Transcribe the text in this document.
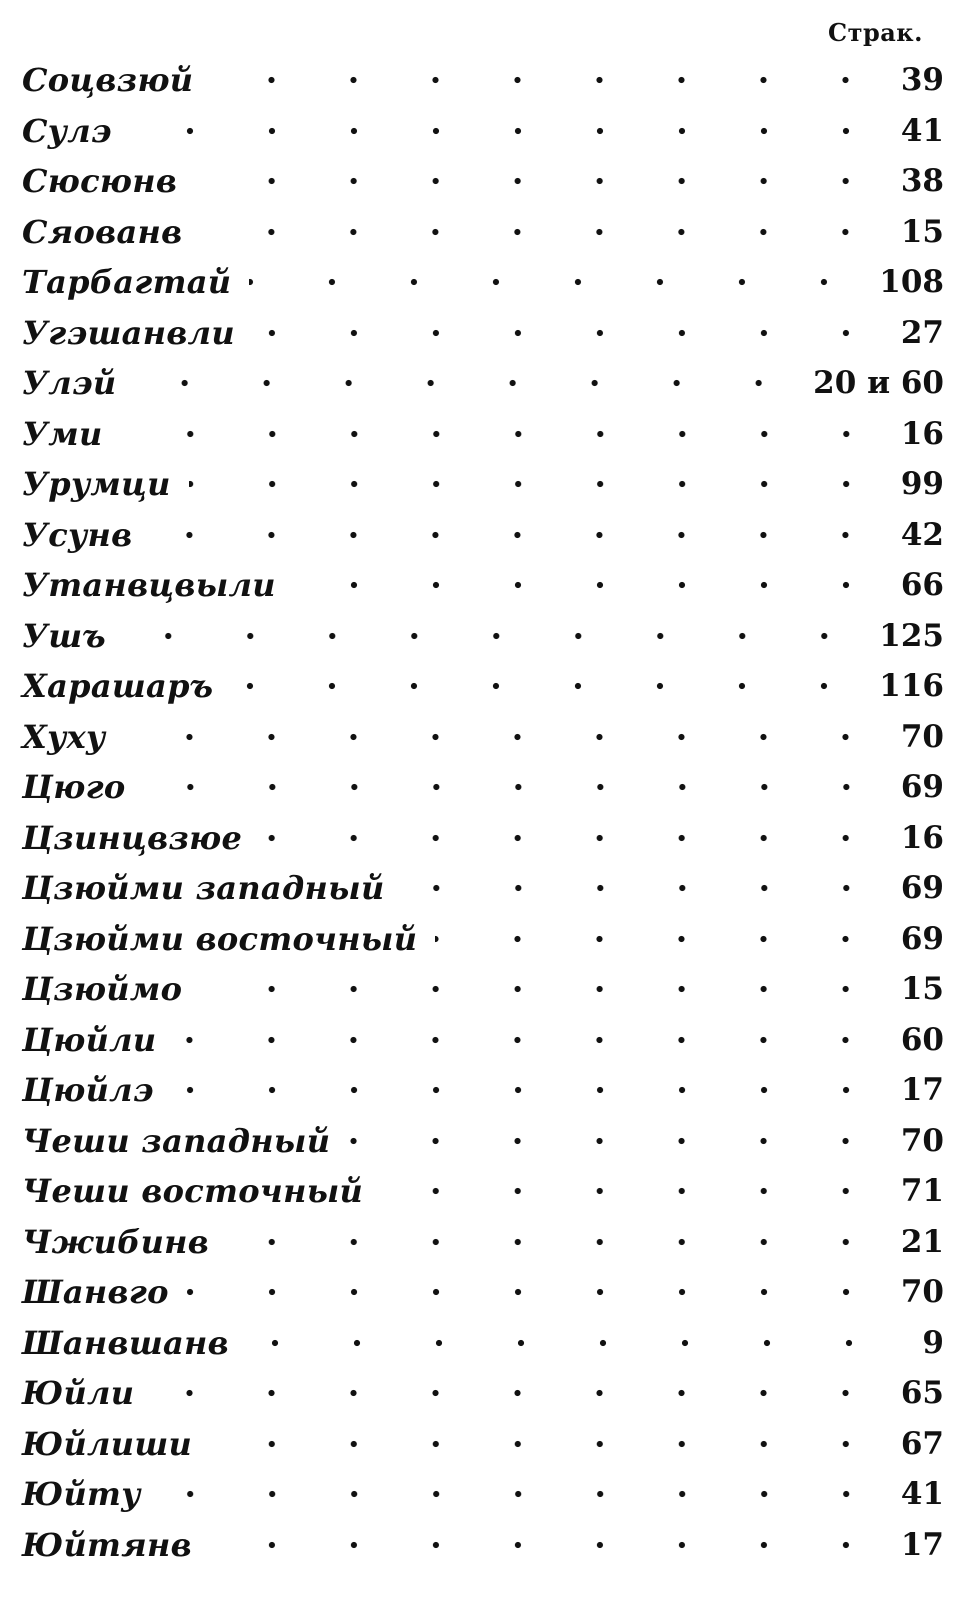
Страк.
Соцвзюй	39
Сулэ	41
Сюсюнв	38
Сяованв	15
Тарбагтай	108
Угэшанвли	27
Улэй	20 и 60
Уми	16
Урумци	99
Усунв	42
Утанвцвыли	66
Ушъ	125
Харашаръ	116
Хуху	70
Цюго	69
Цзинцвзюе	16
Цзюйми западный	69
Цзюйми восточный	69
Цзюймо	15
Цюйли	60
Цюйлэ	17
Чеши западный	70
Чеши восточный	71
Чжибинв	21
Шанвго	70
Шанвшанв	9
Юйли	65
Юйлиши	67
Юйту	41
Юйтянв	17
